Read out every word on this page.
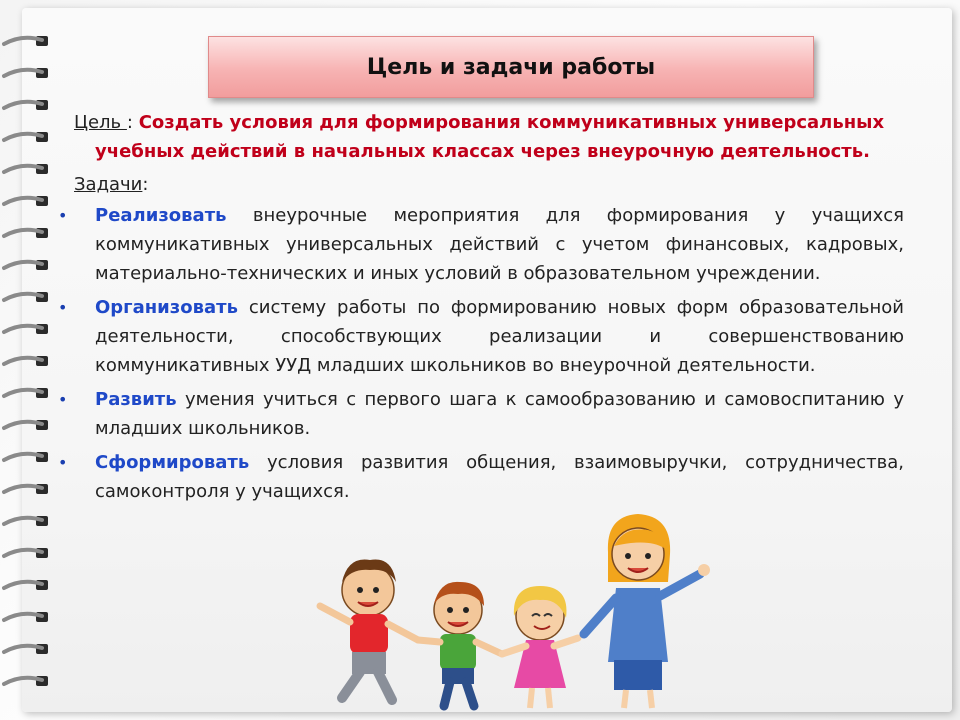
Цель и задачи работы
Цель : Создать условия для формирования коммуникативных универсальных
учебных действий в начальных классах через внеурочную деятельность.
Задачи:
• Реализовать внеурочные мероприятия для формирования у учащихся коммуникативных универсальных действий с учетом финансовых, кадровых, материально-технических и иных условий в образовательном учреждении.
• Организовать систему работы по формированию новых форм образовательной деятельности, способствующих реализации и совершенствованию коммуникативных УУД младших школьников во внеурочной деятельности.
• Развить умения учиться с первого шага к самообразованию и самовоспитанию у младших школьников.
• Сформировать условия развития общения, взаимовыручки, сотрудничества, самоконтроля у учащихся.
